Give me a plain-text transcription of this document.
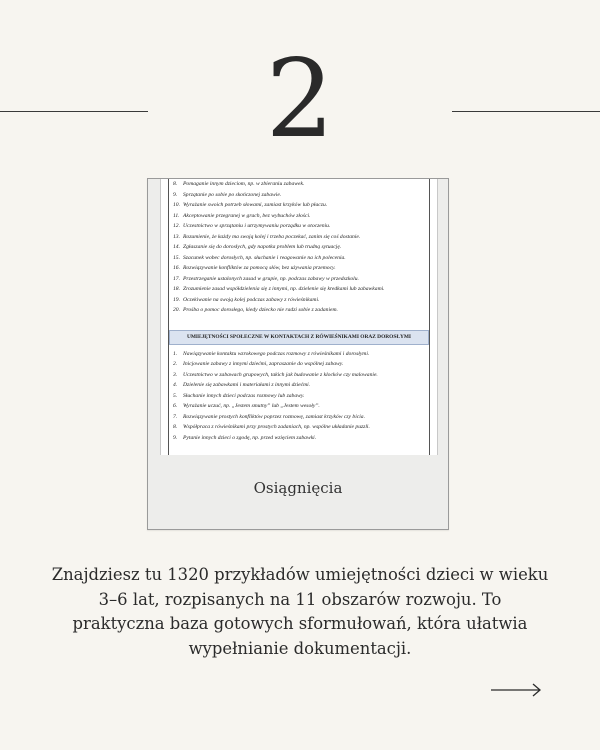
2
8. Pomaganie innym dzieciom, np. w zbieraniu zabawek.
9. Sprzątanie po sobie po skończonej zabawie.
10. Wyrażanie swoich potrzeb słowami, zamiast krzyków lub płaczu.
11. Akceptowanie przegranej w grach, bez wybuchów złości.
12. Uczestnictwo w sprzątaniu i utrzymywaniu porządku w otoczeniu.
13. Rozumienie, że każdy ma swoją kolej i trzeba poczekać, zanim się coś dostanie.
14. Zgłaszanie się do dorosłych, gdy napotka problem lub trudną sytuację.
15. Szacunek wobec dorosłych, np. słuchanie i reagowanie na ich polecenia.
16. Rozwiązywanie konfliktów za pomocą słów, bez używania przemocy.
17. Przestrzeganie ustalonych zasad w grupie, np. podczas zabawy w przedszkolu.
18. Zrozumienie zasad współdzielenia się z innymi, np. dzielenie się kredkami lub zabawkami.
19. Oczekiwanie na swoją kolej podczas zabawy z rówieśnikami.
20. Prośba o pomoc dorosłego, kiedy dziecko nie radzi sobie z zadaniem.
UMIEJĘTNOŚCI SPOŁECZNE W KONTAKTACH Z RÓWIEŚNIKAMI ORAZ DOROSŁYMI
1. Nawiązywanie kontaktu wzrokowego podczas rozmowy z rówieśnikami i dorosłymi.
2. Inicjowanie zabawy z innymi dziećmi, zapraszanie do wspólnej zabawy.
3. Uczestnictwo w zabawach grupowych, takich jak budowanie z klocków czy malowanie.
4. Dzielenie się zabawkami i materiałami z innymi dziećmi.
5. Słuchanie innych dzieci podczas rozmowy lub zabawy.
6. Wyrażanie uczuć, np. „Jestem smutny” lub „Jestem wesoły”.
7. Rozwiązywanie prostych konfliktów poprzez rozmowę, zamiast krzyków czy bicia.
8. Współpraca z rówieśnikami przy prostych zadaniach, np. wspólne układanie puzzli.
9. Pytanie innych dzieci o zgodę, np. przed wzięciem zabawki.
Osiągnięcia
Znajdziesz tu 1320 przykładów umiejętności dzieci w wieku
3–6 lat, rozpisanych na 11 obszarów rozwoju. To
praktyczna baza gotowych sformułowań, która ułatwia
wypełnianie dokumentacji.
